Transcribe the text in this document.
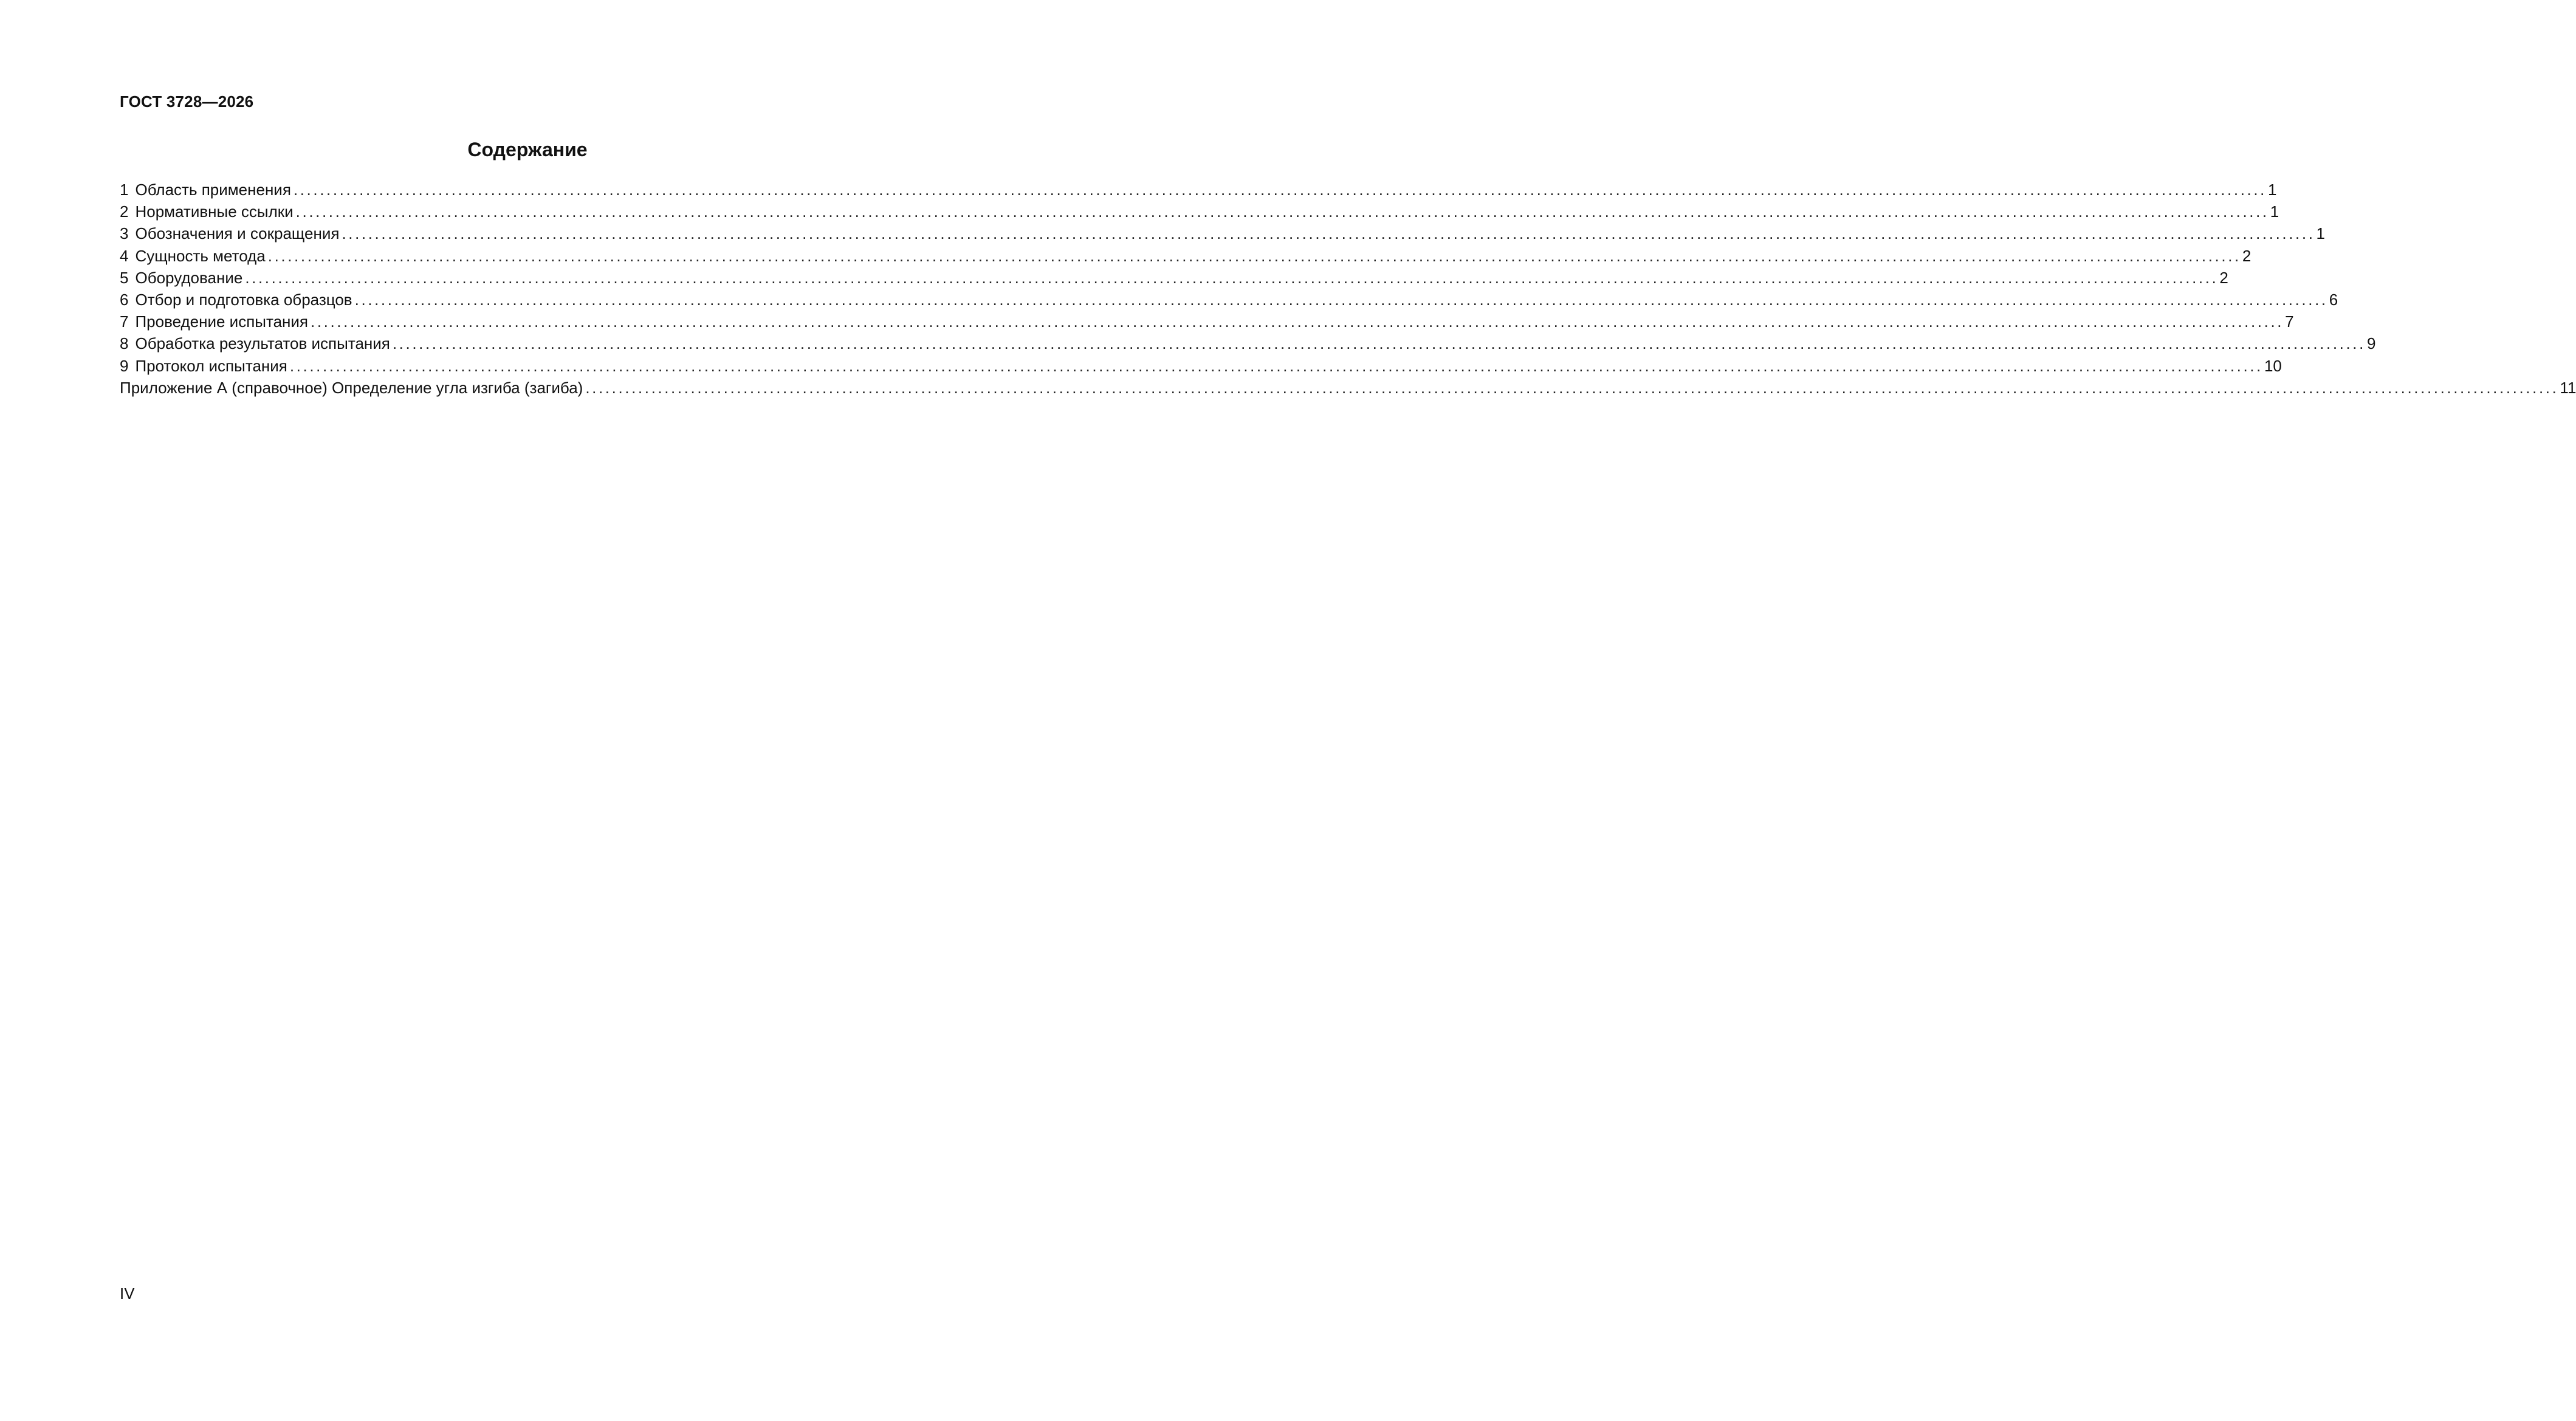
ГОСТ 3728—2026
Содержание
1 Область применения ............................................................................................................................................................................................................................................................................................................ 1
2 Нормативные ссылки ............................................................................................................................................................................................................................................................................................................ 1
3 Обозначения и сокращения ............................................................................................................................................................................................................................................................................................................ 1
4 Сущность метода ............................................................................................................................................................................................................................................................................................................ 2
5 Оборудование ............................................................................................................................................................................................................................................................................................................ 2
6 Отбор и подготовка образцов ............................................................................................................................................................................................................................................................................................................ 6
7 Проведение испытания ............................................................................................................................................................................................................................................................................................................ 7
8 Обработка результатов испытания ............................................................................................................................................................................................................................................................................................................ 9
9 Протокол испытания ............................................................................................................................................................................................................................................................................................................ 10
Приложение А (справочное) Определение угла изгиба (загиба) ............................................................................................................................................................................................................................................................................................................ 11
IV
